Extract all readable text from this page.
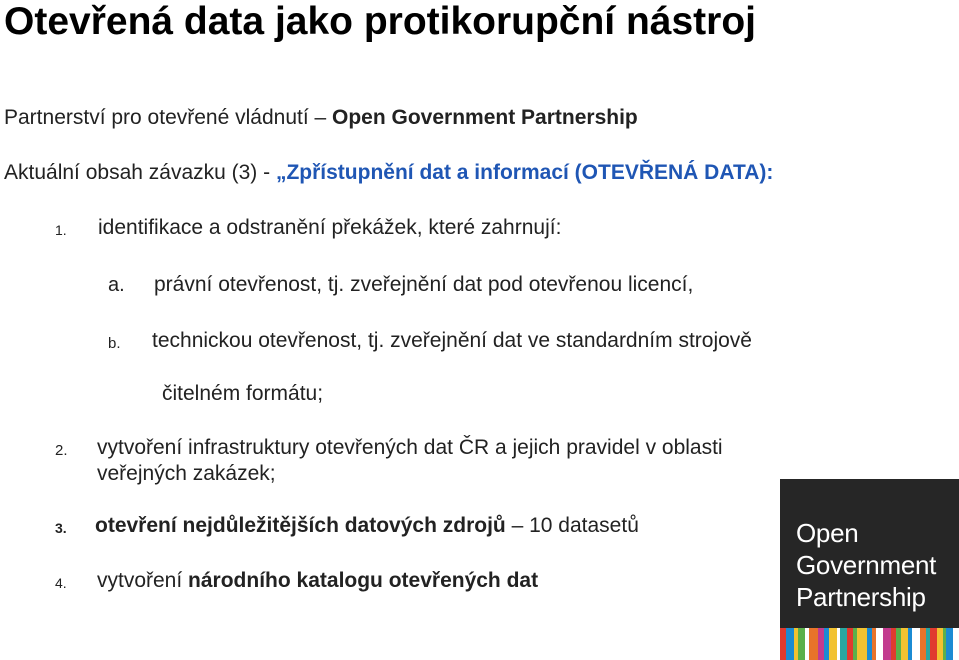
Otevřená data jako protikorupční nástroj
Partnerství pro otevřené vládnutí – Open Government Partnership
Aktuální obsah závazku (3) - „Zpřístupnění dat a informací (OTEVŘENÁ DATA):
1. identifikace a odstranění překážek, které zahrnují:
a. právní otevřenost, tj. zveřejnění dat pod otevřenou licencí,
b. technickou otevřenost, tj. zveřejnění dat ve standardním strojově
čitelném formátu;
2. vytvoření infrastruktury otevřených dat ČR a jejich pravidel v oblasti
veřejných zakázek;
3. otevření nejdůležitějších datových zdrojů – 10 datasetů
4. vytvoření národního katalogu otevřených dat
Open
Government
Partnership
